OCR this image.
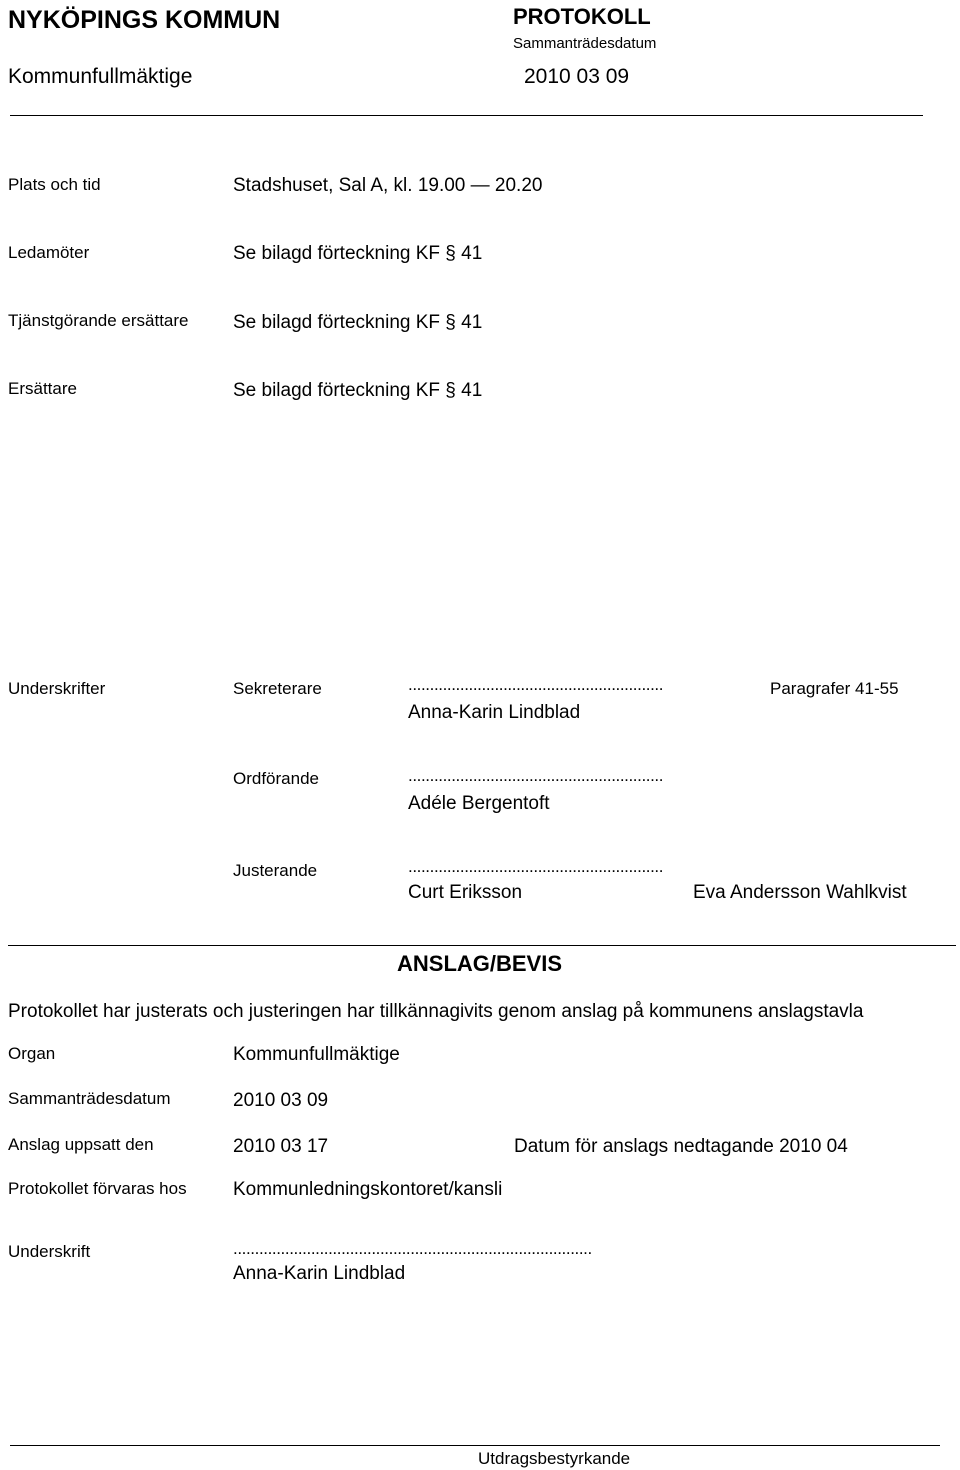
NYKÖPINGS KOMMUN	PROTOKOLL
Sammanträdesdatum
Kommunfullmäktige	2010 03 09
Plats och tid	Stadshuset, Sal A, kl. 19.00 — 20.20
Ledamöter	Se bilagd förteckning KF § 41
Tjänstgörande ersättare Se bilagd förteckning KF § 41
Ersättare	Se bilagd förteckning KF § 41
Underskrifter	Sekreterare	...........................................................	Paragrafer 41-55
Anna-Karin Lindblad
Ordförande	...........................................................
Adéle Bergentoft
Justerande	...........................................................
Curt Eriksson	Eva Andersson Wahlkvist
ANSLAG/BEVIS
Protokollet har justerats och justeringen har tillkännagivits genom anslag på kommunens anslagstavla
Organ	Kommunfullmäktige
Sammanträdesdatum	2010 03 09
Anslag uppsatt den	2010 03 17	Datum för anslags nedtagande 2010 04
Protokollet förvaras hos Kommunledningskontoret/kansli
Underskrift	...................................................................................
Anna-Karin Lindblad
Utdragsbestyrkande
